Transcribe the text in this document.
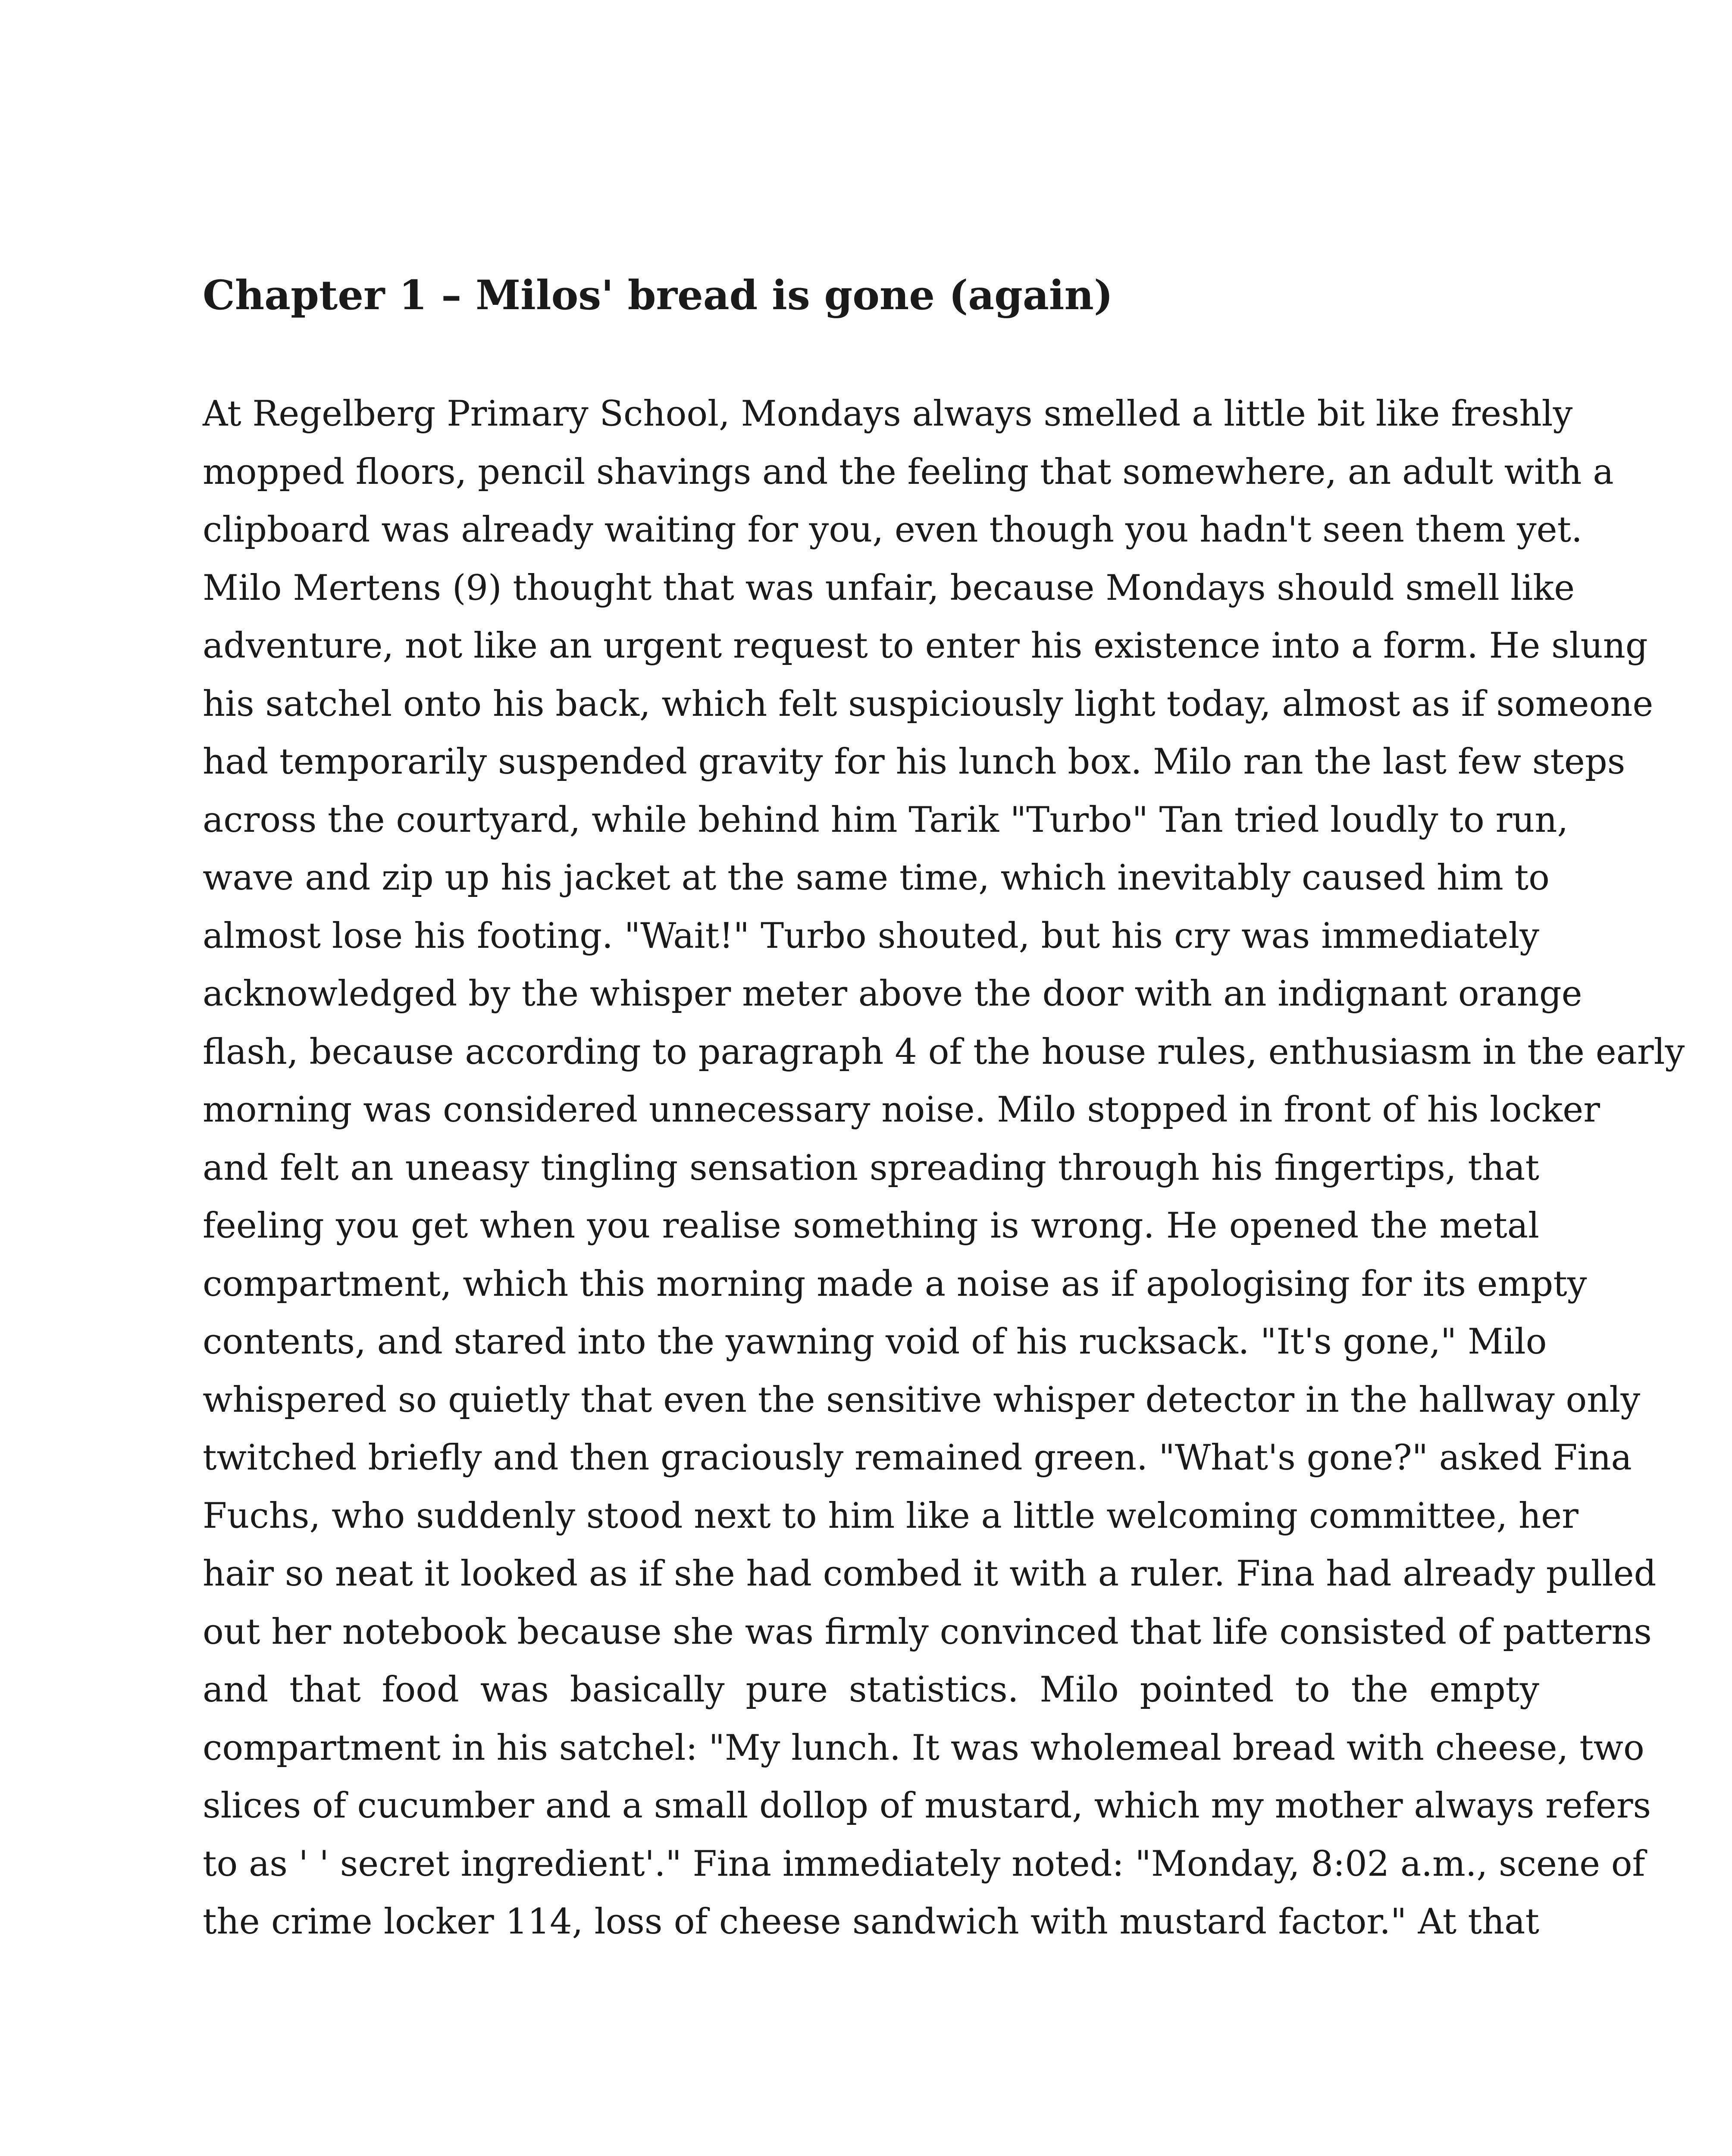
Chapter 1 – Milos' bread is gone (again)
At Regelberg Primary School, Mondays always smelled a little bit like freshly
mopped floors, pencil shavings and the feeling that somewhere, an adult with a
clipboard was already waiting for you, even though you hadn't seen them yet.
Milo Mertens (9) thought that was unfair, because Mondays should smell like
adventure, not like an urgent request to enter his existence into a form. He slung
his satchel onto his back, which felt suspiciously light today, almost as if someone
had temporarily suspended gravity for his lunch box. Milo ran the last few steps
across the courtyard, while behind him Tarik "Turbo" Tan tried loudly to run,
wave and zip up his jacket at the same time, which inevitably caused him to
almost lose his footing. "Wait!" Turbo shouted, but his cry was immediately
acknowledged by the whisper meter above the door with an indignant orange
flash, because according to paragraph 4 of the house rules, enthusiasm in the early
morning was considered unnecessary noise. Milo stopped in front of his locker
and felt an uneasy tingling sensation spreading through his fingertips, that
feeling you get when you realise something is wrong. He opened the metal
compartment, which this morning made a noise as if apologising for its empty
contents, and stared into the yawning void of his rucksack. "It's gone," Milo
whispered so quietly that even the sensitive whisper detector in the hallway only
twitched briefly and then graciously remained green. "What's gone?" asked Fina
Fuchs, who suddenly stood next to him like a little welcoming committee, her
hair so neat it looked as if she had combed it with a ruler. Fina had already pulled
out her notebook because she was firmly convinced that life consisted of patterns
and that food was basically pure statistics. Milo pointed to the empty
compartment in his satchel: "My lunch. It was wholemeal bread with cheese, two
slices of cucumber and a small dollop of mustard, which my mother always refers
to as ' ' secret ingredient'." Fina immediately noted: "Monday, 8:02 a.m., scene of
the crime locker 114, loss of cheese sandwich with mustard factor." At that
